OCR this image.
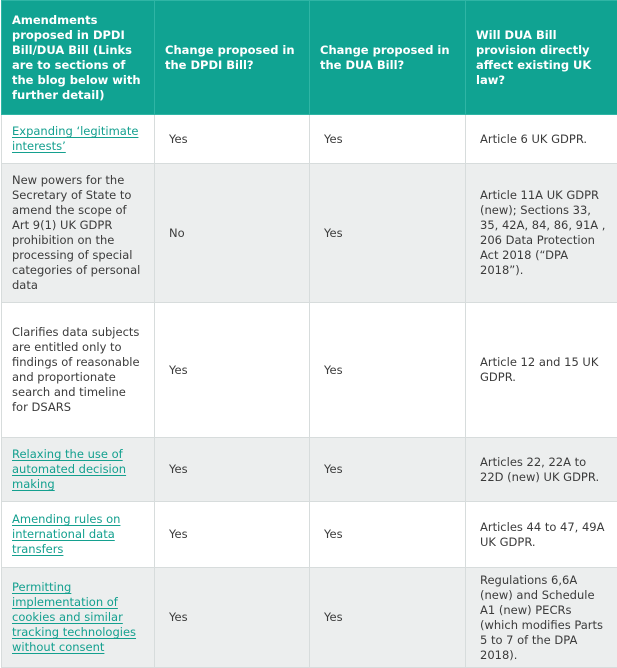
Amendments proposed in DPDI Bill/DUA Bill (Links are to sections of the blog below with further detail)	Change proposed in the DPDI Bill?	Change proposed in the DUA Bill?	Will DUA Bill provision directly affect existing UK law?
Expanding ‘legitimate interests’	Yes	Yes	Article 6 UK GDPR.
New powers for the Secretary of State to amend the scope of Art 9(1) UK GDPR prohibition on the processing of special categories of personal data	No	Yes	Article 11A UK GDPR (new); Sections 33, 35, 42A, 84, 86, 91A , 206 Data Protection Act 2018 (“DPA 2018”).
Clarifies data subjects are entitled only to findings of reasonable and proportionate search and timeline for DSARS	Yes	Yes	Article 12 and 15 UK GDPR.
Relaxing the use of automated decision making	Yes	Yes	Articles 22, 22A to 22D (new) UK GDPR.
Amending rules on international data transfers	Yes	Yes	Articles 44 to 47, 49A UK GDPR.
Permitting implementation of cookies and similar tracking technologies without consent	Yes	Yes	Regulations 6,6A (new) and Schedule A1 (new) PECRs (which modifies Parts 5 to 7 of the DPA 2018).
